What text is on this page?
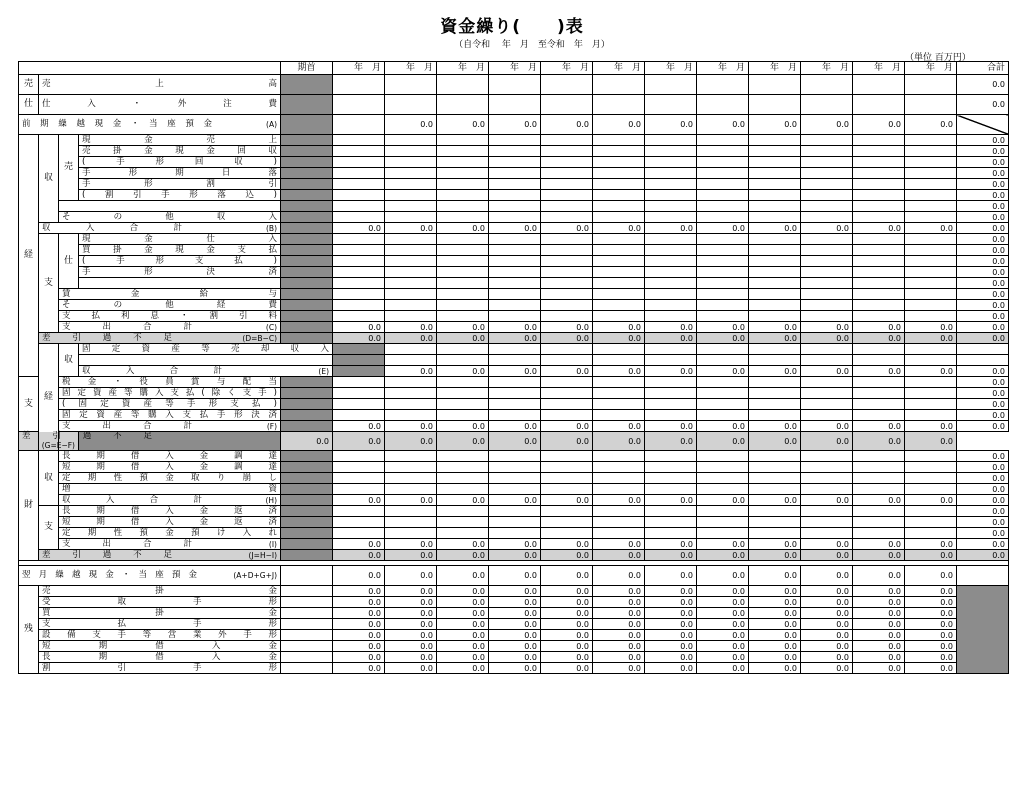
資金繰り(　　)表
（自令和　 年　月　至令和　年　月）
（単位 百万円）
				期首	年　月	年　月	年　月	年　月	年　月	年　月	年　月	年　月	年　月	年　月	年　月	年　月	合計	
売	売　上　高																0.0	
仕	仕　入　・　外　注　費																0.0	
前期繰越現金・当座預金 (A)						0.0	0.0	0.0	0.0	0.0	0.0	0.0	0.0	0.0	0.0	0.0		
経	収	売	現　金　売　上														0.0	
			売掛金現金回収														0.0	
			(　手　形　回　収　)														0.0	
			手　形　期　日　落														0.0	
			手　形　割　引														0.0	
			(割引手形落込)														0.0	
																	0.0	
		そ　の　他　収　入															0.0	
	収　入　合　計 (B)				0.0	0.0	0.0	0.0	0.0	0.0	0.0	0.0	0.0	0.0	0.0	0.0	0.0	
	支	仕	現　金　仕　入														0.0	
			買掛金現金支払														0.0	
			(　手　形　支　払　)														0.0	
			手　形　決　済														0.0	
																	0.0	
		賃　金　給　与															0.0	
		そ　の　他　経　費															0.0	
		支払利息・割引料															0.0	
		支　出　合　計 (C)			0.0	0.0	0.0	0.0	0.0	0.0	0.0	0.0	0.0	0.0	0.0	0.0	0.0	
	差　引　過　不　足 (D=B−C)				0.0	0.0	0.0	0.0	0.0	0.0	0.0	0.0	0.0	0.0	0.0	0.0	0.0	
	経	収	固定資産等売却収入														

			収　入　合　計 (E)			0.0	0.0	0.0	0.0	0.0	0.0	0.0	0.0	0.0	0.0	0.0	0.0	
支		税金・役員賞与配当															0.0	
		固定資産等購入支払(除く支手)															0.0	
		(固定資産等手形支払)															0.0	
		固定資産等購入支払手形決済															0.0	
		支　出　合　計 (F)			0.0	0.0	0.0	0.0	0.0	0.0	0.0	0.0	0.0	0.0	0.0	0.0	0.0	
差　引　過　不　足
(G=E−F)				0.0	0.0	0.0	0.0	0.0	0.0	0.0	0.0	0.0	0.0	0.0	0.0	0.0		
財	収	長期借入金調達															0.0	
		短期借入金調達															0.0	
		定期性預金取り崩し															0.0	
		増　資															0.0	
		収　入　合　計 (H)			0.0	0.0	0.0	0.0	0.0	0.0	0.0	0.0	0.0	0.0	0.0	0.0	0.0	
	支	長期借入金返済															0.0	
		短期借入金返済															0.0	
		定期性預金預け入れ															0.0	
		支　出　合　計 (I)			0.0	0.0	0.0	0.0	0.0	0.0	0.0	0.0	0.0	0.0	0.0	0.0	0.0	
	差　引　過　不　足 (J=H−I)				0.0	0.0	0.0	0.0	0.0	0.0	0.0	0.0	0.0	0.0	0.0	0.0	0.0	

翌月繰越現金・当座預金 (A+D+G+J)					0.0	0.0	0.0	0.0	0.0	0.0	0.0	0.0	0.0	0.0	0.0	0.0		
残	売　掛　金				0.0	0.0	0.0	0.0	0.0	0.0	0.0	0.0	0.0	0.0	0.0	0.0		
	受　取　手　形				0.0	0.0	0.0	0.0	0.0	0.0	0.0	0.0	0.0	0.0	0.0	0.0		
	買　掛　金				0.0	0.0	0.0	0.0	0.0	0.0	0.0	0.0	0.0	0.0	0.0	0.0		
	支　払　手　形				0.0	0.0	0.0	0.0	0.0	0.0	0.0	0.0	0.0	0.0	0.0	0.0		
	設備支手等営業外手形				0.0	0.0	0.0	0.0	0.0	0.0	0.0	0.0	0.0	0.0	0.0	0.0		
	短　期　借　入　金				0.0	0.0	0.0	0.0	0.0	0.0	0.0	0.0	0.0	0.0	0.0	0.0		
	長　期　借　入　金				0.0	0.0	0.0	0.0	0.0	0.0	0.0	0.0	0.0	0.0	0.0	0.0		
	割　引　手　形				0.0	0.0	0.0	0.0	0.0	0.0	0.0	0.0	0.0	0.0	0.0	0.0		
